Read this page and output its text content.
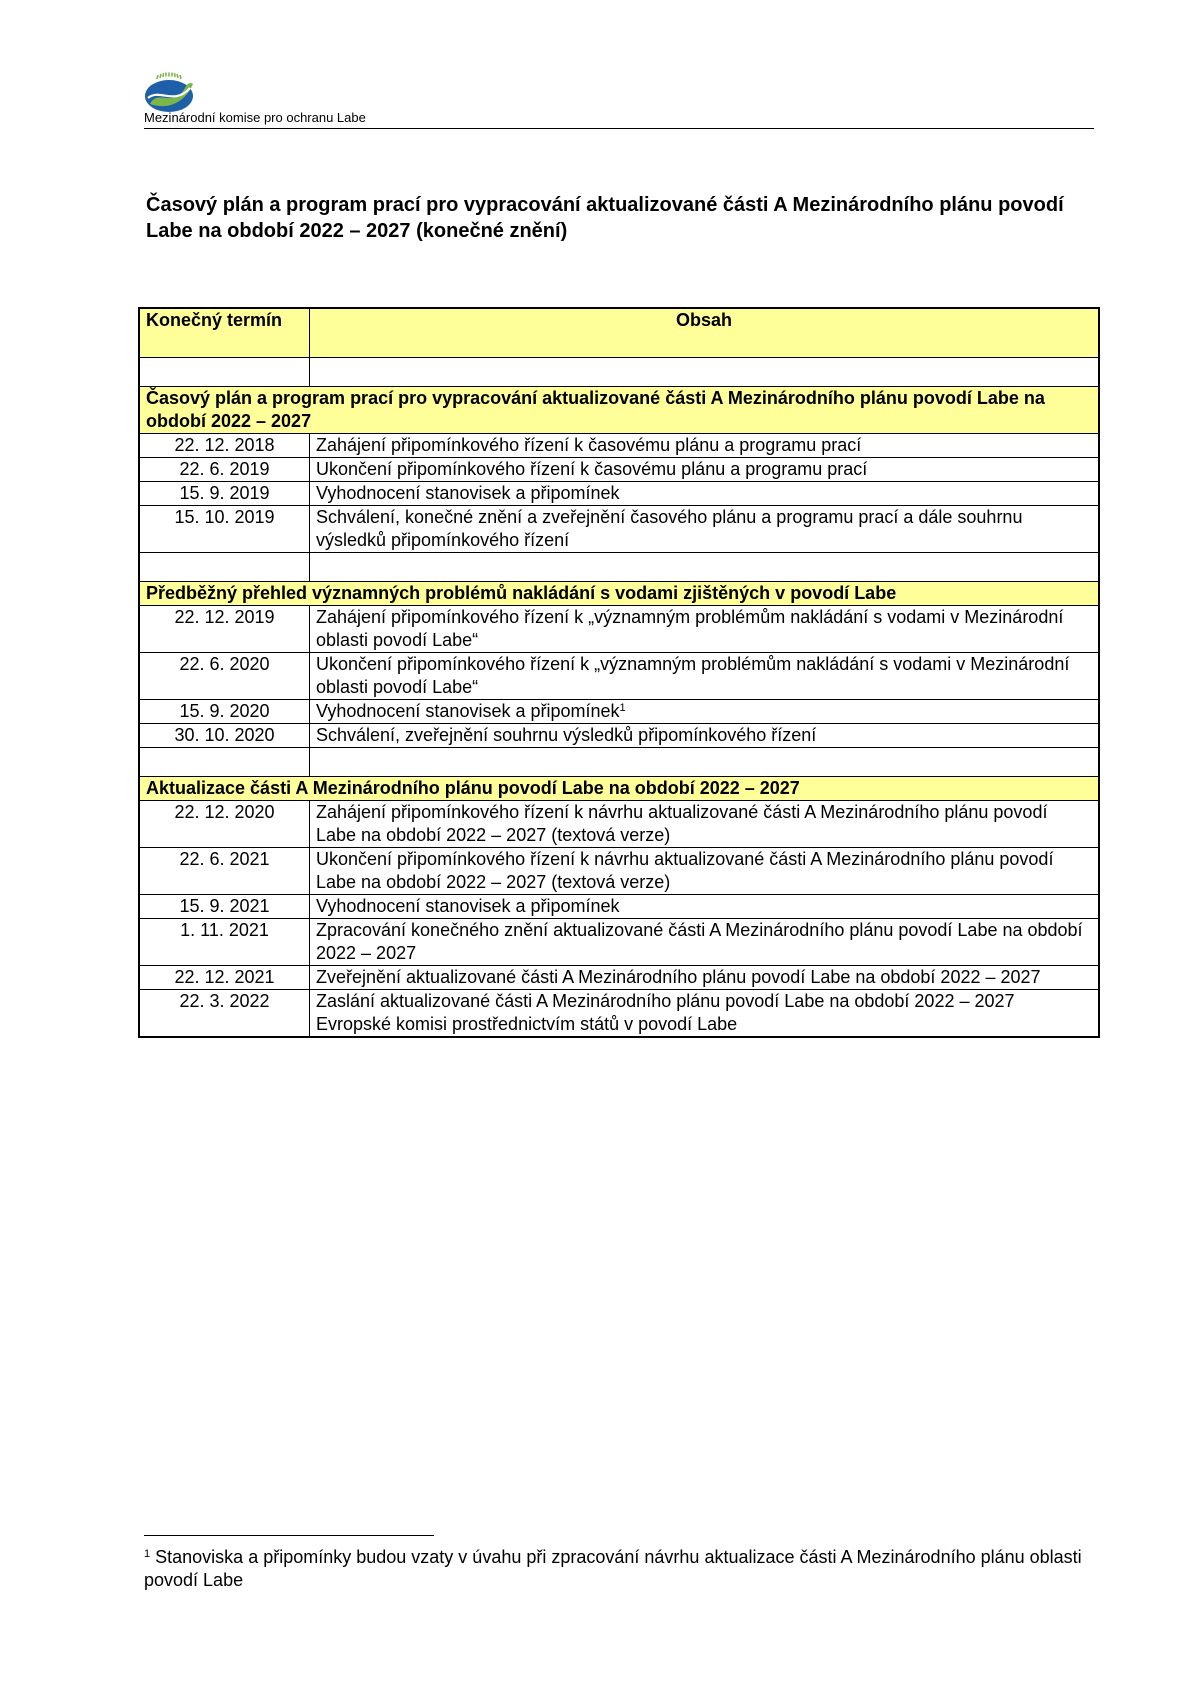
Mezinárodní komise pro ochranu Labe
Časový plán a program prací pro vypracování aktualizované části A Mezinárodního plánu povodí Labe na období 2022 – 2027 (konečné znění)
Konečný termín	Obsah

Časový plán a program prací pro vypracování aktualizované části A Mezinárodního plánu povodí Labe na období 2022 – 2027	
22. 12. 2018	Zahájení připomínkového řízení k časovému plánu a programu prací
22. 6. 2019	Ukončení připomínkového řízení k časovému plánu a programu prací
15. 9. 2019	Vyhodnocení stanovisek a připomínek
15. 10. 2019	Schválení, konečné znění a zveřejnění časového plánu a programu prací a dále souhrnu výsledků připomínkového řízení

Předběžný přehled významných problémů nakládání s vodami zjištěných v povodí Labe	
22. 12. 2019	Zahájení připomínkového řízení k „významným problémům nakládání s vodami v Mezinárodní oblasti povodí Labe“
22. 6. 2020	Ukončení připomínkového řízení k „významným problémům nakládání s vodami v Mezinárodní oblasti povodí Labe“
15. 9. 2020	Vyhodnocení stanovisek a připomínek$^1$
30. 10. 2020	Schválení, zveřejnění souhrnu výsledků připomínkového řízení

Aktualizace části A Mezinárodního plánu povodí Labe na období 2022 – 2027	
22. 12. 2020	Zahájení připomínkového řízení k návrhu aktualizované části A Mezinárodního plánu povodí Labe na období 2022 – 2027 (textová verze)
22. 6. 2021	Ukončení připomínkového řízení k návrhu aktualizované části A Mezinárodního plánu povodí Labe na období 2022 – 2027 (textová verze)
15. 9. 2021	Vyhodnocení stanovisek a připomínek
1. 11. 2021	Zpracování konečného znění aktualizované části A Mezinárodního plánu povodí Labe na období 2022 – 2027
22. 12. 2021	Zveřejnění aktualizované části A Mezinárodního plánu povodí Labe na období 2022 – 2027
22. 3. 2022	Zaslání aktualizované části A Mezinárodního plánu povodí Labe na období 2022 – 2027 Evropské komisi prostřednictvím států v povodí Labe
$^1$ Stanoviska a připomínky budou vzaty v úvahu při zpracování návrhu aktualizace části A Mezinárodního plánu oblasti povodí Labe
